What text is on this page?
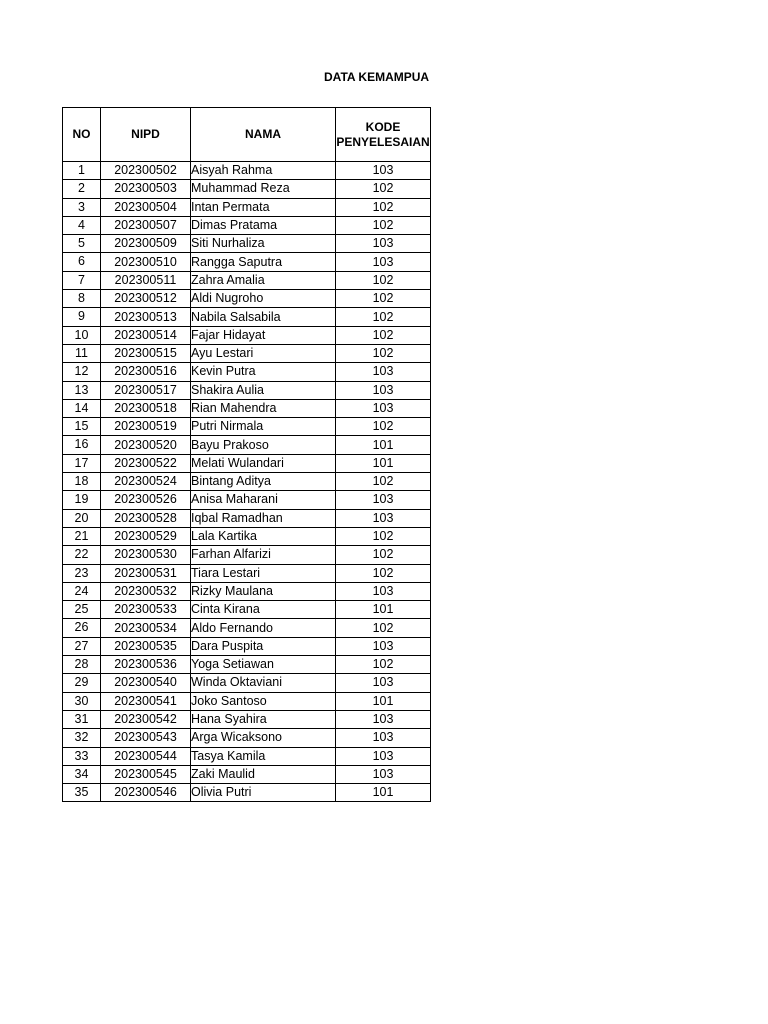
DATA KEMAMPUA
NO	NIPD	NAMA	KODE
PENYELESAIAN
1	202300502	Aisyah Rahma	103
2	202300503	Muhammad Reza	102
3	202300504	Intan Permata	102
4	202300507	Dimas Pratama	102
5	202300509	Siti Nurhaliza	103
6	202300510	Rangga Saputra	103
7	202300511	Zahra Amalia	102
8	202300512	Aldi Nugroho	102
9	202300513	Nabila Salsabila	102
10	202300514	Fajar Hidayat	102
11	202300515	Ayu Lestari	102
12	202300516	Kevin Putra	103
13	202300517	Shakira Aulia	103
14	202300518	Rian Mahendra	103
15	202300519	Putri Nirmala	102
16	202300520	Bayu Prakoso	101
17	202300522	Melati Wulandari	101
18	202300524	Bintang Aditya	102
19	202300526	Anisa Maharani	103
20	202300528	Iqbal Ramadhan	103
21	202300529	Lala Kartika	102
22	202300530	Farhan Alfarizi	102
23	202300531	Tiara Lestari	102
24	202300532	Rizky Maulana	103
25	202300533	Cinta Kirana	101
26	202300534	Aldo Fernando	102
27	202300535	Dara Puspita	103
28	202300536	Yoga Setiawan	102
29	202300540	Winda Oktaviani	103
30	202300541	Joko Santoso	101
31	202300542	Hana Syahira	103
32	202300543	Arga Wicaksono	103
33	202300544	Tasya Kamila	103
34	202300545	Zaki Maulid	103
35	202300546	Olivia Putri	101
